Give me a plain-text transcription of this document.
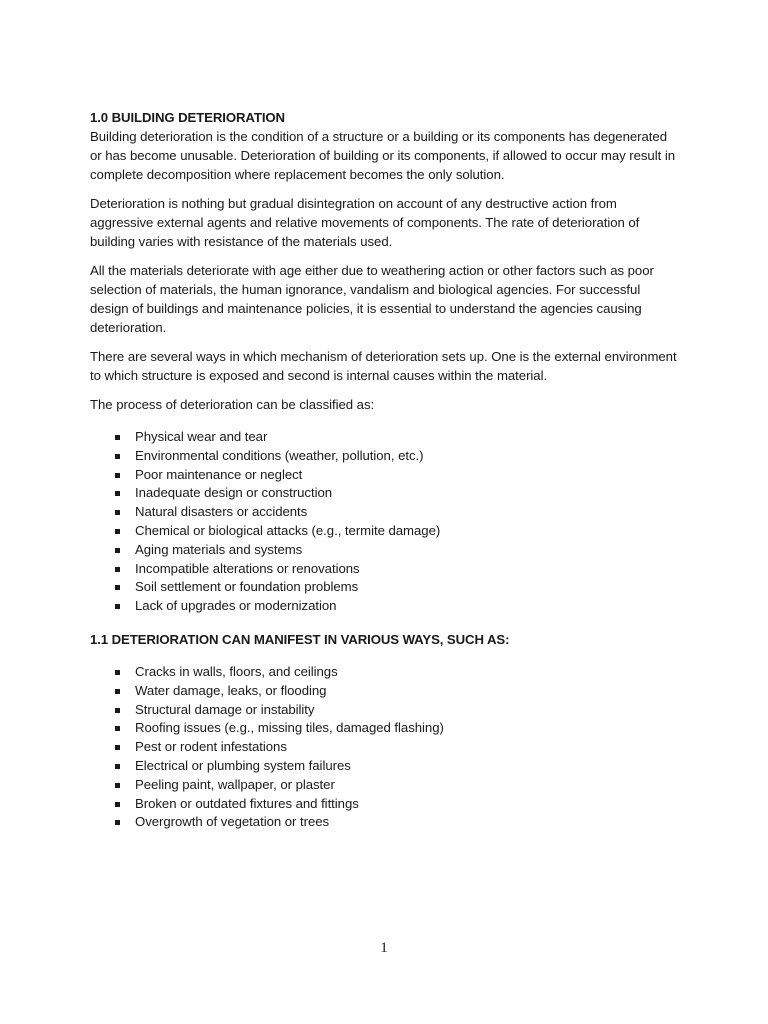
1.0 BUILDING DETERIORATION

Building deterioration is the condition of a structure or a building or its components has degenerated or has become unusable. Deterioration of building or its components, if allowed to occur may result in complete decomposition where replacement becomes the only solution.

Deterioration is nothing but gradual disintegration on account of any destructive action from aggressive external agents and relative movements of components. The rate of deterioration of building varies with resistance of the materials used.

All the materials deteriorate with age either due to weathering action or other factors such as poor selection of materials, the human ignorance, vandalism and biological agencies. For successful design of buildings and maintenance policies, it is essential to understand the agencies causing deterioration.

There are several ways in which mechanism of deterioration sets up. One is the external environment to which structure is exposed and second is internal causes within the material.

The process of deterioration can be classified as:

Physical wear and tear
Environmental conditions (weather, pollution, etc.)
Poor maintenance or neglect
Inadequate design or construction
Natural disasters or accidents
Chemical or biological attacks (e.g., termite damage)
Aging materials and systems
Incompatible alterations or renovations
Soil settlement or foundation problems
Lack of upgrades or modernization
1.1 DETERIORATION CAN MANIFEST IN VARIOUS WAYS, SUCH AS:
Cracks in walls, floors, and ceilings
Water damage, leaks, or flooding
Structural damage or instability
Roofing issues (e.g., missing tiles, damaged flashing)
Pest or rodent infestations
Electrical or plumbing system failures
Peeling paint, wallpaper, or plaster
Broken or outdated fixtures and fittings
Overgrowth of vegetation or trees
1
